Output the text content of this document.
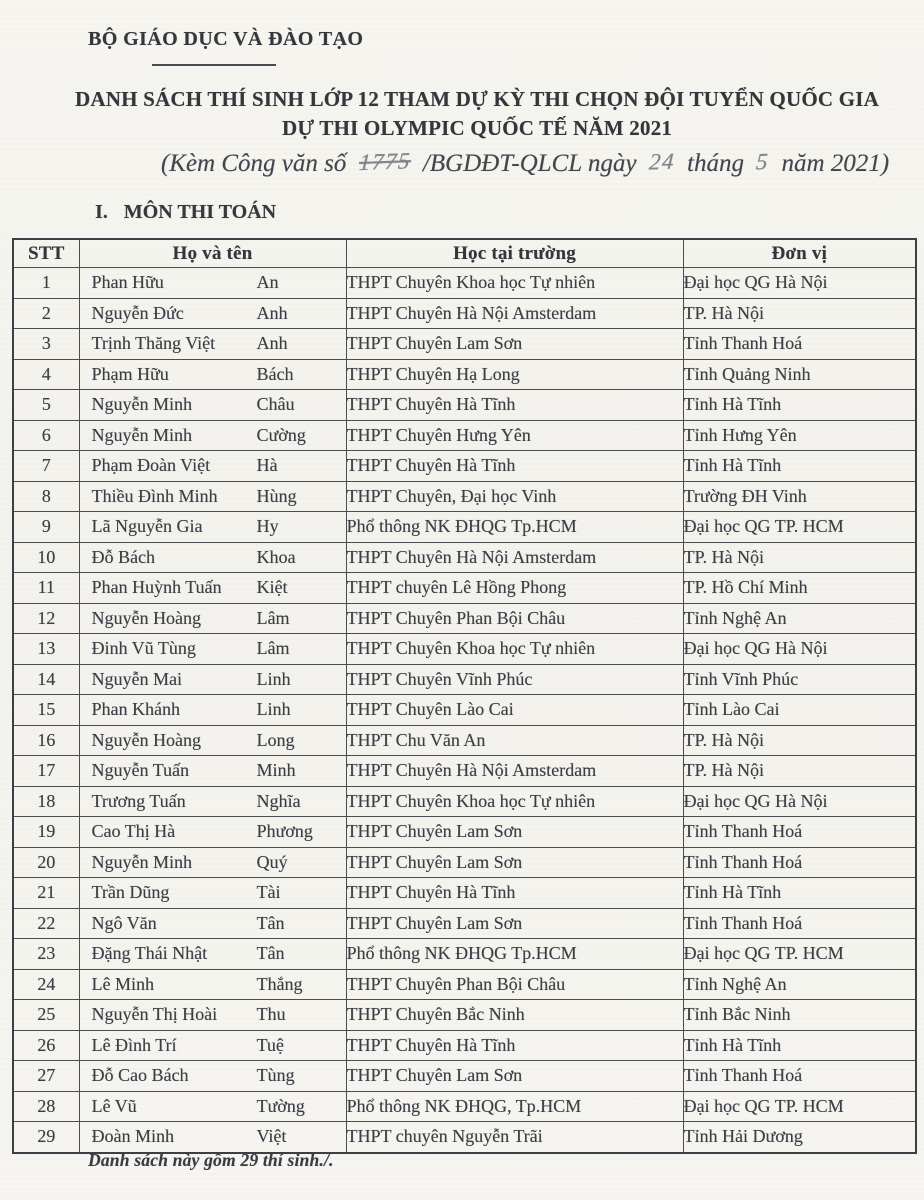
BỘ GIÁO DỤC VÀ ĐÀO TẠO
DANH SÁCH THÍ SINH LỚP 12 THAM DỰ KỲ THI CHỌN ĐỘI TUYỂN QUỐC GIA
DỰ THI OLYMPIC QUỐC TẾ NĂM 2021
(Kèm Công văn số 1775 /BGDĐT-QLCL ngày 24 tháng 5 năm 2021)
I. MÔN THI TOÁN
STT	Họ và tên	Học tại trường	Đơn vị
1	Phan Hữu An	THPT Chuyên Khoa học Tự nhiên	Đại học QG Hà Nội
2	Nguyễn Đức Anh	THPT Chuyên Hà Nội Amsterdam	TP. Hà Nội
3	Trịnh Thăng Việt Anh	THPT Chuyên Lam Sơn	Tỉnh Thanh Hoá
4	Phạm Hữu Bách	THPT Chuyên Hạ Long	Tỉnh Quảng Ninh
5	Nguyễn Minh Châu	THPT Chuyên Hà Tĩnh	Tỉnh Hà Tĩnh
6	Nguyễn Minh Cường	THPT Chuyên Hưng Yên	Tỉnh Hưng Yên
7	Phạm Đoàn Việt Hà	THPT Chuyên Hà Tĩnh	Tỉnh Hà Tĩnh
8	Thiều Đình Minh Hùng	THPT Chuyên, Đại học Vinh	Trường ĐH Vinh
9	Lã Nguyễn Gia Hy	Phổ thông NK ĐHQG Tp.HCM	Đại học QG TP. HCM
10	Đỗ Bách Khoa	THPT Chuyên Hà Nội Amsterdam	TP. Hà Nội
11	Phan Huỳnh Tuấn Kiệt	THPT chuyên Lê Hồng Phong	TP. Hồ Chí Minh
12	Nguyễn Hoàng Lâm	THPT Chuyên Phan Bội Châu	Tỉnh Nghệ An
13	Đinh Vũ Tùng Lâm	THPT Chuyên Khoa học Tự nhiên	Đại học QG Hà Nội
14	Nguyễn Mai Linh	THPT Chuyên Vĩnh Phúc	Tỉnh Vĩnh Phúc
15	Phan Khánh Linh	THPT Chuyên Lào Cai	Tỉnh Lào Cai
16	Nguyễn Hoàng Long	THPT Chu Văn An	TP. Hà Nội
17	Nguyễn Tuấn Minh	THPT Chuyên Hà Nội Amsterdam	TP. Hà Nội
18	Trương Tuấn Nghĩa	THPT Chuyên Khoa học Tự nhiên	Đại học QG Hà Nội
19	Cao Thị Hà Phương	THPT Chuyên Lam Sơn	Tỉnh Thanh Hoá
20	Nguyễn Minh Quý	THPT Chuyên Lam Sơn	Tỉnh Thanh Hoá
21	Trần Dũng Tài	THPT Chuyên Hà Tĩnh	Tỉnh Hà Tĩnh
22	Ngô Văn Tân	THPT Chuyên Lam Sơn	Tỉnh Thanh Hoá
23	Đặng Thái Nhật Tân	Phổ thông NK ĐHQG Tp.HCM	Đại học QG TP. HCM
24	Lê Minh Thắng	THPT Chuyên Phan Bội Châu	Tỉnh Nghệ An
25	Nguyễn Thị Hoài Thu	THPT Chuyên Bắc Ninh	Tỉnh Bắc Ninh
26	Lê Đình Trí Tuệ	THPT Chuyên Hà Tĩnh	Tỉnh Hà Tĩnh
27	Đỗ Cao Bách Tùng	THPT Chuyên Lam Sơn	Tỉnh Thanh Hoá
28	Lê Vũ Tường	Phổ thông NK ĐHQG, Tp.HCM	Đại học QG TP. HCM
29	Đoàn Minh Việt	THPT chuyên Nguyễn Trãi	Tỉnh Hải Dương
Danh sách này gồm 29 thí sinh./.
